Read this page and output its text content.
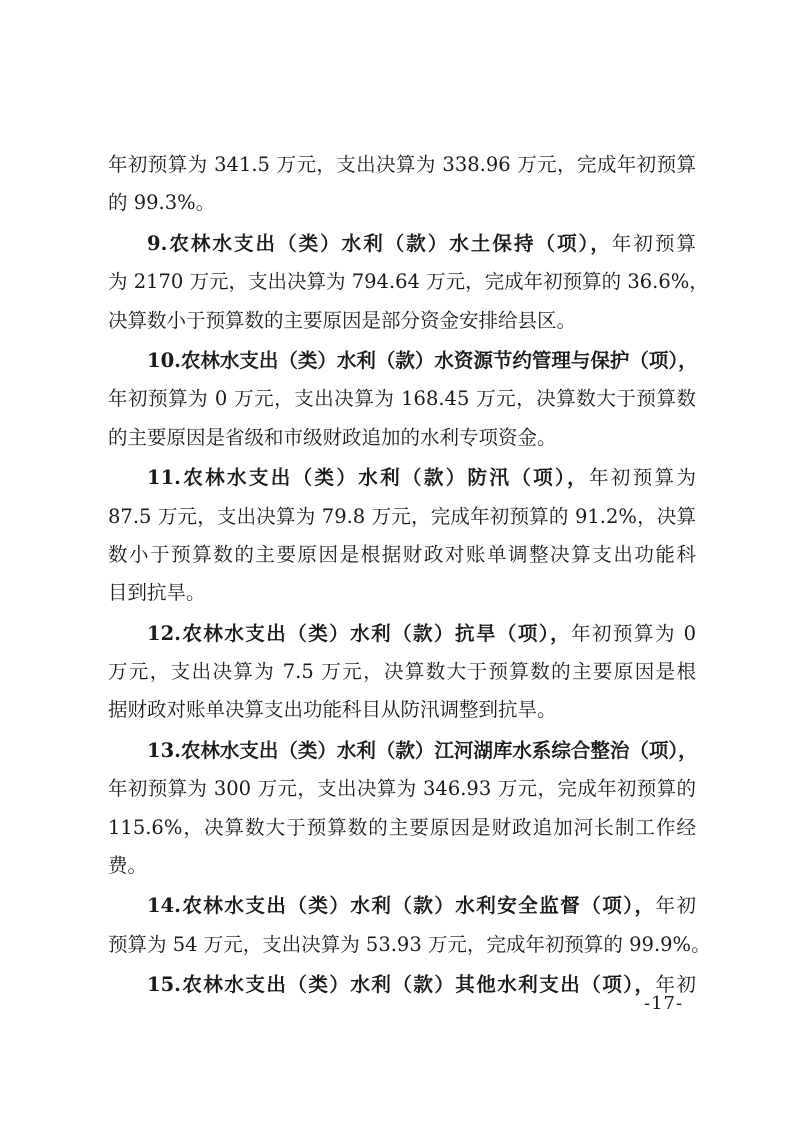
年初预算为 341.5 万元，支出决算为 338.96 万元，完成年初预算
的 99.3%。
9.农林水支出（类）水利（款）水土保持（项），年初预算
为 2170 万元，支出决算为 794.64 万元，完成年初预算的 36.6%，
决算数小于预算数的主要原因是部分资金安排给县区。
10.农林水支出（类）水利（款）水资源节约管理与保护（项），
年初预算为 0 万元，支出决算为 168.45 万元，决算数大于预算数
的主要原因是省级和市级财政追加的水利专项资金。
11.农林水支出（类）水利（款）防汛（项），年初预算为
87.5 万元，支出决算为 79.8 万元，完成年初预算的 91.2%，决算
数小于预算数的主要原因是根据财政对账单调整决算支出功能科
目到抗旱。
12.农林水支出（类）水利（款）抗旱（项），年初预算为 0
万元，支出决算为 7.5 万元，决算数大于预算数的主要原因是根
据财政对账单决算支出功能科目从防汛调整到抗旱。
13.农林水支出（类）水利（款）江河湖库水系综合整治（项），
年初预算为 300 万元，支出决算为 346.93 万元，完成年初预算的
115.6%，决算数大于预算数的主要原因是财政追加河长制工作经
费。
14.农林水支出（类）水利（款）水利安全监督（项），年初
预算为 54 万元，支出决算为 53.93 万元，完成年初预算的 99.9%。
15.农林水支出（类）水利（款）其他水利支出（项），年初
-17-
